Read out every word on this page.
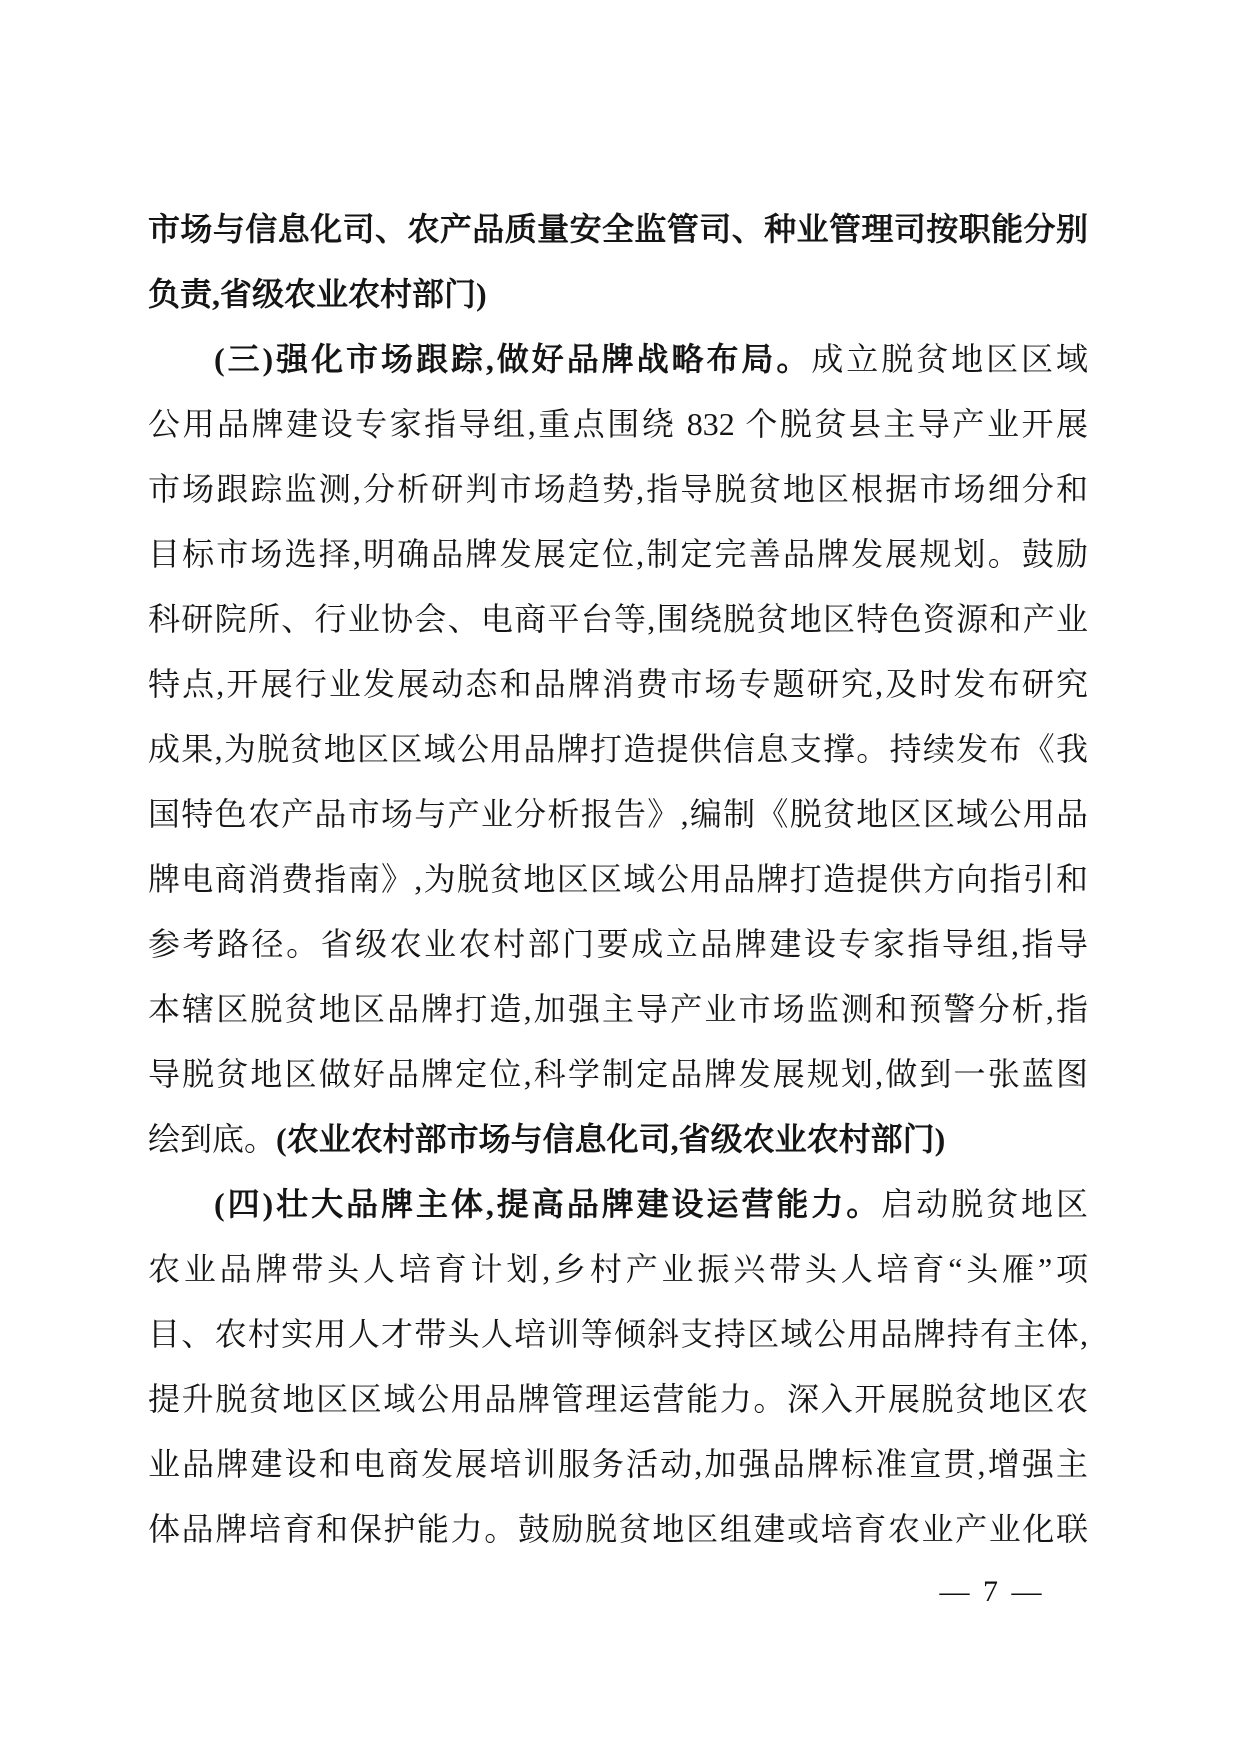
市场与信息化司、农产品质量安全监管司、种业管理司按职能分别
负责,省级农业农村部门)
(三)强化市场跟踪,做好品牌战略布局。成立脱贫地区区域
公用品牌建设专家指导组,重点围绕 832 个脱贫县主导产业开展
市场跟踪监测,分析研判市场趋势,指导脱贫地区根据市场细分和
目标市场选择,明确品牌发展定位,制定完善品牌发展规划。鼓励
科研院所、行业协会、电商平台等,围绕脱贫地区特色资源和产业
特点,开展行业发展动态和品牌消费市场专题研究,及时发布研究
成果,为脱贫地区区域公用品牌打造提供信息支撑。持续发布《我
国特色农产品市场与产业分析报告》,编制《脱贫地区区域公用品
牌电商消费指南》,为脱贫地区区域公用品牌打造提供方向指引和
参考路径。省级农业农村部门要成立品牌建设专家指导组,指导
本辖区脱贫地区品牌打造,加强主导产业市场监测和预警分析,指
导脱贫地区做好品牌定位,科学制定品牌发展规划,做到一张蓝图
绘到底。(农业农村部市场与信息化司,省级农业农村部门)
(四)壮大品牌主体,提高品牌建设运营能力。启动脱贫地区
农业品牌带头人培育计划,乡村产业振兴带头人培育“头雁”项
目、农村实用人才带头人培训等倾斜支持区域公用品牌持有主体,
提升脱贫地区区域公用品牌管理运营能力。深入开展脱贫地区农
业品牌建设和电商发展培训服务活动,加强品牌标准宣贯,增强主
体品牌培育和保护能力。鼓励脱贫地区组建或培育农业产业化联
— 7 —
